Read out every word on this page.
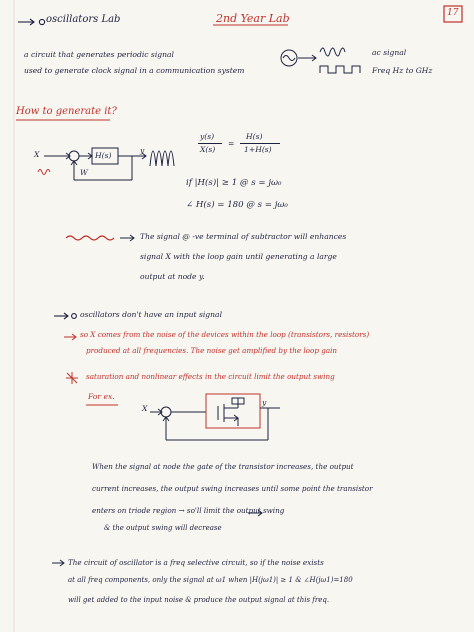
oscillators Lab	2nd Year Lab	17
a circuit that generates periodic signal
used to generate clock signal in a communication system
ac signal
Freq Hz to GHz
How to generate it?
H(s)
X
W
y
y(s)
X(s)
=
H(s)
1+H(s)
if |H(s)| ≥ 1 @ s = jω₀
∠ H(s) = 180 @ s = jω₀
The signal @ -ve terminal of subtractor will enhances
signal X with the loop gain until generating a large
output at node y.
oscillators don't have an input signal
so X comes from the noise of the devices within the loop (transistors, resistors)
produced at all frequencies. The noise get amplified by the loop gain
saturation and nonlinear effects in the circuit limit the output swing
For ex.
X
y
When the signal at node the gate of the transistor increases, the output
current increases, the output swing increases until some point the transistor
enters on triode region → so'll limit the output swing
& the output swing will decrease
The circuit of oscillator is a freq selective circuit, so if the noise exists
at all freq components, only the signal at ω1 when |H(jω1)| ≥ 1 & ∠H(jω1)=180
will get added to the input noise & produce the output signal at this freq.
